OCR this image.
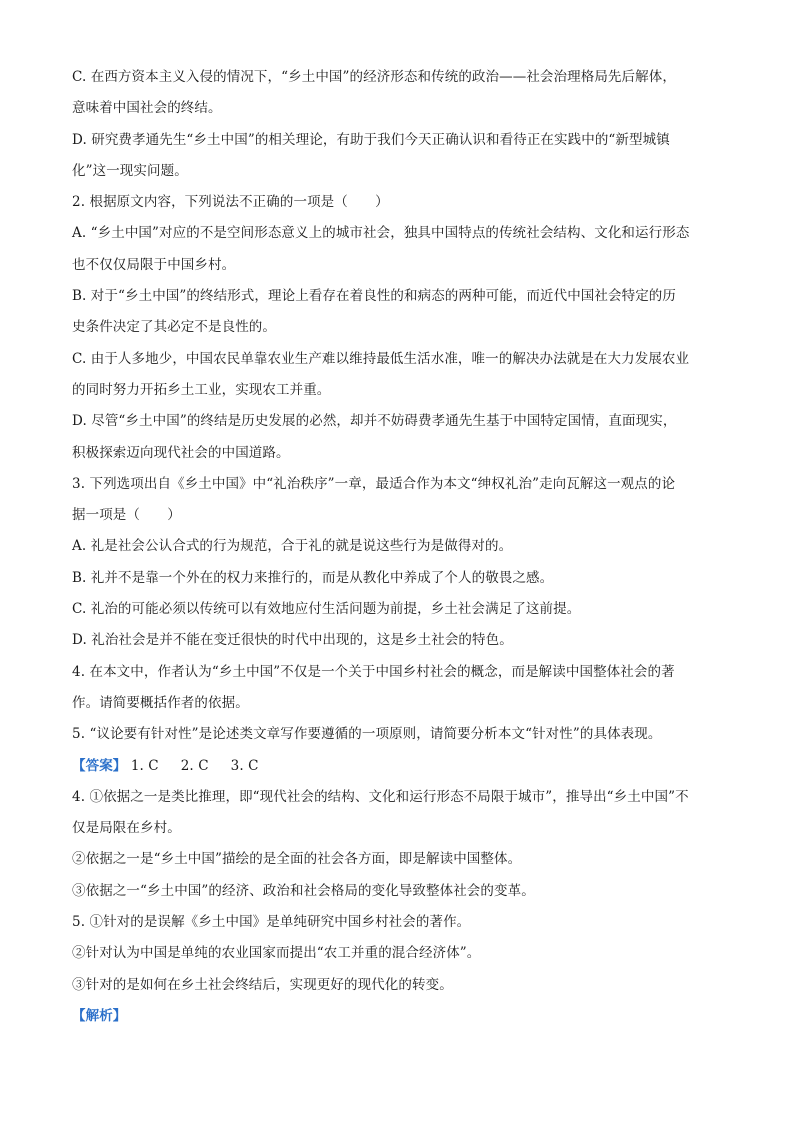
C. 在西方资本主义入侵的情况下，“乡土中国”的经济形态和传统的政治——社会治理格局先后解体，
意味着中国社会的终结。
D. 研究费孝通先生“乡土中国”的相关理论，有助于我们今天正确认识和看待正在实践中的“新型城镇
化”这一现实问题。
2. 根据原文内容，下列说法不正确的一项是（　　）
A. “乡土中国”对应的不是空间形态意义上的城市社会，独具中国特点的传统社会结构、文化和运行形态
也不仅仅局限于中国乡村。
B. 对于“乡土中国”的终结形式，理论上看存在着良性的和病态的两种可能，而近代中国社会特定的历
史条件决定了其必定不是良性的。
C. 由于人多地少，中国农民单靠农业生产难以维持最低生活水准，唯一的解决办法就是在大力发展农业
的同时努力开拓乡土工业，实现农工并重。
D. 尽管“乡土中国”的终结是历史发展的必然，却并不妨碍费孝通先生基于中国特定国情，直面现实，
积极探索迈向现代社会的中国道路。
3. 下列选项出自《乡土中国》中“礼治秩序”一章，最适合作为本文“绅权礼治”走向瓦解这一观点的论
据一项是（　　）
A. 礼是社会公认合式的行为规范，合于礼的就是说这些行为是做得对的。
B. 礼并不是靠一个外在的权力来推行的，而是从教化中养成了个人的敬畏之感。
C. 礼治的可能必须以传统可以有效地应付生活问题为前提，乡土社会满足了这前提。
D. 礼治社会是并不能在变迁很快的时代中出现的，这是乡土社会的特色。
4. 在本文中，作者认为“乡土中国”不仅是一个关于中国乡村社会的概念，而是解读中国整体社会的著
作。请简要概括作者的依据。
5. “议论要有针对性”是论述类文章写作要遵循的一项原则，请简要分析本文“针对性”的具体表现。
【答案】 1. C 2. C 3. C
4. ①依据之一是类比推理，即“现代社会的结构、文化和运行形态不局限于城市”，推导出“乡土中国”不
仅是局限在乡村。
②依据之一是“乡土中国”描绘的是全面的社会各方面，即是解读中国整体。
③依据之一“乡土中国”的经济、政治和社会格局的变化导致整体社会的变革。
5. ①针对的是误解《乡土中国》是单纯研究中国乡村社会的著作。
②针对认为中国是单纯的农业国家而提出“农工并重的混合经济体”。
③针对的是如何在乡土社会终结后，实现更好的现代化的转变。
【解析】
